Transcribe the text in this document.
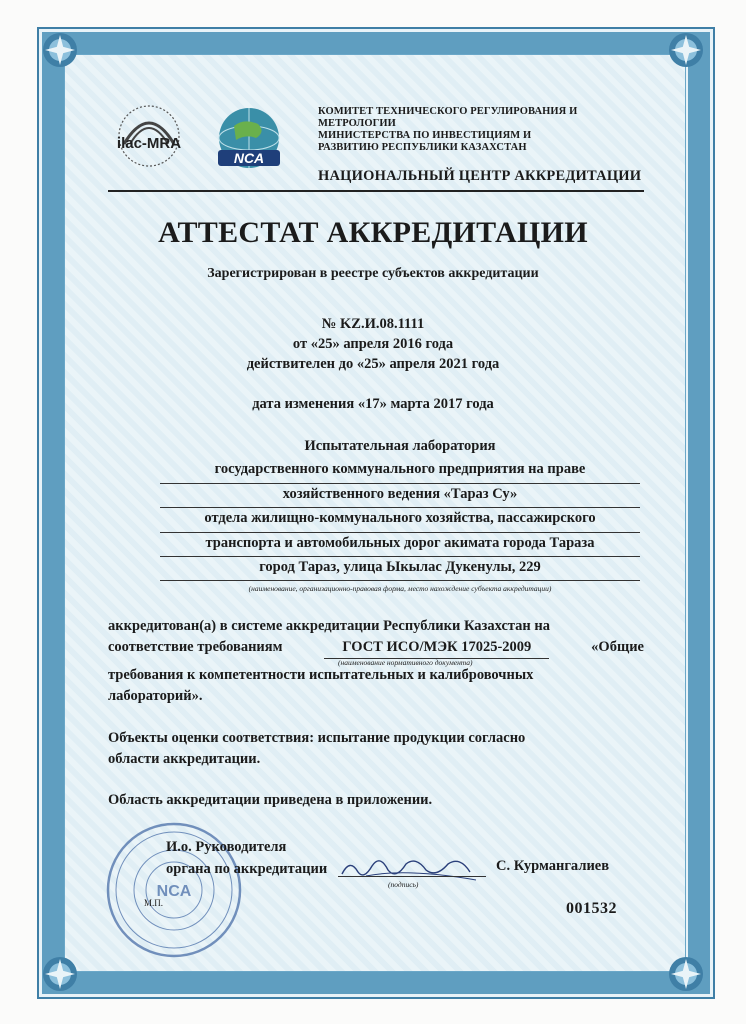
ilac-MRA
NCA
КОМИТЕТ ТЕХНИЧЕСКОГО РЕГУЛИРОВАНИЯ И МЕТРОЛОГИИ
МИНИСТЕРСТВА ПО ИНВЕСТИЦИЯМ И
РАЗВИТИЮ РЕСПУБЛИКИ КАЗАХСТАН
НАЦИОНАЛЬНЫЙ ЦЕНТР АККРЕДИТАЦИИ
АТТЕСТАТ АККРЕДИТАЦИИ
Зарегистрирован в реестре субъектов аккредитации
№ KZ.И.08.1111
от «25» апреля 2016 года
действителен до «25» апреля 2021 года
дата изменения «17» марта 2017 года
Испытательная лаборатория
государственного коммунального предприятия на праве
хозяйственного ведения «Тараз Су»
отдела жилищно-коммунального хозяйства, пассажирского
транспорта и автомобильных дорог акимата города Тараза
город Тараз, улица Ыкылас Дукенулы, 229
(наименование, организационно-правовая форма, место нахождение субъекта аккредитации)
аккредитован(а) в системе аккредитации Республики Казахстан на
соответствие требованиям	ГОСТ ИСО/МЭК 17025-2009	«Общие
требования к компетентности испытательных и калибровочных
лабораторий».
(наименование нормативного документа)
Объекты оценки соответствия: испытание продукции согласно
области аккредитации.
Область аккредитации приведена в приложении.
NCA
И.о. Руководителя
органа по аккредитации
(подпись)
С. Курмангалиев
М.П.	001532
